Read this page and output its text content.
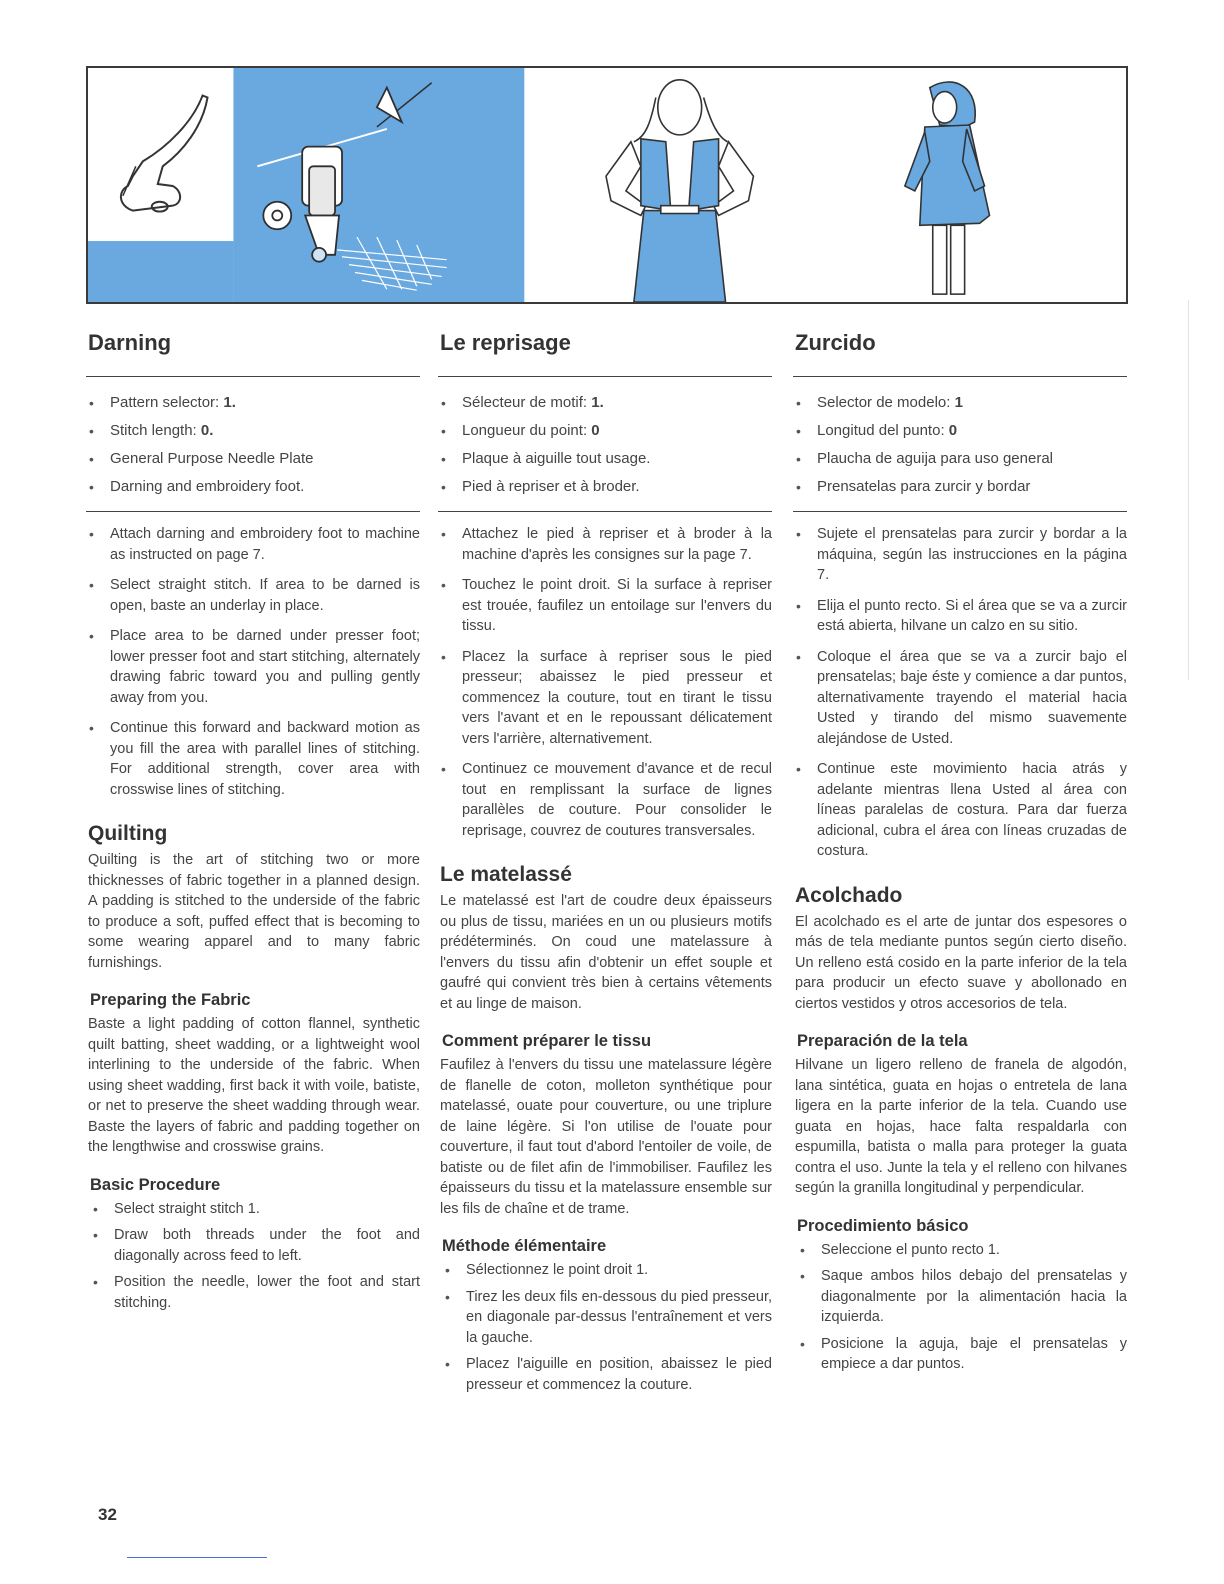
Darning
• Pattern selector: 1.
• Stitch length: 0.
• General Purpose Needle Plate
• Darning and embroidery foot.
• Attach darning and embroidery foot to machine as instructed on page 7.
• Select straight stitch. If area to be darned is open, baste an underlay in place.
• Place area to be darned under presser foot; lower presser foot and start stitching, alternately drawing fabric toward you and pulling gently away from you.
• Continue this forward and backward motion as you fill the area with parallel lines of stitching. For additional strength, cover area with crosswise lines of stitching.
Quilting

Quilting is the art of stitching two or more thicknesses of fabric together in a planned design. A padding is stitched to the underside of the fabric to produce a soft, puffed effect that is becoming to some wearing apparel and to many fabric furnishings.

Preparing the Fabric

Baste a light padding of cotton flannel, synthetic quilt batting, sheet wadding, or a lightweight wool interlining to the underside of the fabric. When using sheet wadding, first back it with voile, batiste, or net to preserve the sheet wadding through wear. Baste the layers of fabric and padding together on the lengthwise and crosswise grains.

Basic Procedure
• Select straight stitch 1.
• Draw both threads under the foot and diagonally across feed to left.
• Position the needle, lower the foot and start stitching.
Le reprisage
• Sélecteur de motif: 1.
• Longueur du point: 0
• Plaque à aiguille tout usage.
• Pied à repriser et à broder.
• Attachez le pied à repriser et à broder à la machine d'après les consignes sur la page 7.
• Touchez le point droit. Si la surface à repriser est trouée, faufilez un entoilage sur l'envers du tissu.
• Placez la surface à repriser sous le pied presseur; abaissez le pied presseur et commencez la couture, tout en tirant le tissu vers l'avant et en le repoussant délicatement vers l'arrière, alternativement.
• Continuez ce mouvement d'avance et de recul tout en remplissant la surface de lignes parallèles de couture. Pour consolider le reprisage, couvrez de coutures transversales.
Le matelassé

Le matelassé est l'art de coudre deux épaisseurs ou plus de tissu, mariées en un ou plusieurs motifs prédéterminés. On coud une matelassure à l'envers du tissu afin d'obtenir un effet souple et gaufré qui convient très bien à certains vêtements et au linge de maison.

Comment préparer le tissu

Faufilez à l'envers du tissu une matelassure légère de flanelle de coton, molleton synthétique pour matelassé, ouate pour couverture, ou une triplure de laine légère. Si l'on utilise de l'ouate pour couverture, il faut tout d'abord l'entoiler de voile, de batiste ou de filet afin de l'immobiliser. Faufilez les épaisseurs du tissu et la matelassure ensemble sur les fils de chaîne et de trame.

Méthode élémentaire
• Sélectionnez le point droit 1.
• Tirez les deux fils en-dessous du pied presseur, en diagonale par-dessus l'entraînement et vers la gauche.
• Placez l'aiguille en position, abaissez le pied presseur et commencez la couture.
Zurcido
• Selector de modelo: 1
• Longitud del punto: 0
• Plaucha de aguija para uso general
• Prensatelas para zurcir y bordar
• Sujete el prensatelas para zurcir y bordar a la máquina, según las instrucciones en la página 7.
• Elija el punto recto. Si el área que se va a zurcir está abierta, hilvane un calzo en su sitio.
• Coloque el área que se va a zurcir bajo el prensatelas; baje éste y comience a dar puntos, alternativamente trayendo el material hacia Usted y tirando del mismo suavemente alejándose de Usted.
• Continue este movimiento hacia atrás y adelante mientras llena Usted al área con líneas paralelas de costura. Para dar fuerza adicional, cubra el área con líneas cruzadas de costura.
Acolchado

El acolchado es el arte de juntar dos espesores o más de tela mediante puntos según cierto diseño. Un relleno está cosido en la parte inferior de la tela para producir un efecto suave y abollonado en ciertos vestidos y otros accesorios de tela.

Preparación de la tela

Hilvane un ligero relleno de franela de algodón, lana sintética, guata en hojas o entretela de lana ligera en la parte inferior de la tela. Cuando use guata en hojas, hace falta respaldarla con espumilla, batista o malla para proteger la guata contra el uso. Junte la tela y el relleno con hilvanes según la granilla longitudinal y perpendicular.

Procedimiento básico
• Seleccione el punto recto 1.
• Saque ambos hilos debajo del prensatelas y diagonalmente por la alimentación hacia la izquierda.
• Posicione la aguja, baje el prensatelas y empiece a dar puntos.
32
